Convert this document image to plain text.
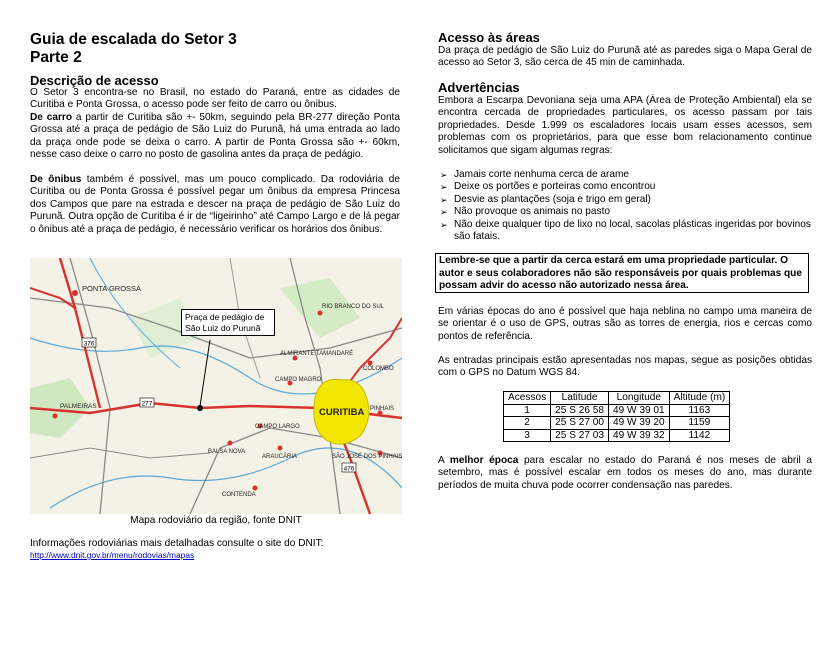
Guia de escalada do Setor 3
Parte 2
Descrição de acesso

O Setor 3 encontra-se no Brasil, no estado do Paraná, entre as cidades de Curitiba e Ponta Grossa, o acesso pode ser feito de carro ou ônibus.

De carro a partir de Curitiba são +- 50km, seguindo pela BR-277 direção Ponta Grossa até a praça de pedágio de São Luiz do Purunã, há uma entrada ao lado da praça onde pode se deixa o carro. A partir de Ponta Grossa são +- 60km, nesse caso deixe o carro no posto de gasolina antes da praça de pedágio.

De ônibus também é possível, mas um pouco complicado. Da rodoviária de Curitiba ou de Ponta Grossa é possível pegar um ônibus da empresa Princesa dos Campos que pare na estrada e descer na praça de pedágio de São Luiz do Purunã. Outra opção de Curitiba é ir de “ligeirinho” até Campo Largo e de lá pegar o ônibus até a praça de pedágio, é necessário verificar os horários dos ônibus.

277
376
476
PONTA GROSSA
CURITIBA
PALMEIRAS
CAMPO LARGO
BALSA NOVA
ARAUCÁRIA
CONTENDA
RIO BRANCO DO SUL
COLOMBO
PINHAIS
ALMIRANTE TAMANDARÉ
CAMPO MAGRO
SÃO JOSÉ DOS PINHAIS
Praça de pedágio de São Luiz do Purunã
Mapa rodoviário da região, fonte DNIT

Informações rodoviárias mais detalhadas consulte o site do DNIT:

http://www.dnit.gov.br/menu/rodovias/mapas
Acesso às áreas

Da praça de pedágio de São Luiz do Purunã até as paredes siga o Mapa Geral de acesso ao Setor 3, são cerca de 45 min de caminhada.

Advertências

Embora a Escarpa Devoniana seja uma APA (Área de Proteção Ambiental) ela se encontra cercada de propriedades particulares, os acesso passam por tais propriedades. Desde 1.999 os escaladores locais usam esses acessos, sem problemas com os proprietários, para que esse bom relacionamento continue solicitamos que sigam algumas regras:

➢ Jamais corte nenhuma cerca de arame
➢ Deixe os portões e porteiras como encontrou
➢ Desvie as plantações (soja e trigo em geral)
➢ Não provoque os animais no pasto
➢ Não deixe qualquer tipo de lixo no local, sacolas plásticas ingeridas por bovinos são fatais.
Lembre-se que a partir da cerca estará em uma propriedade particular. O autor e seus colaboradores não são responsáveis por quais problemas que possam advir do acesso não autorizado nessa área.

Em várias épocas do ano é possível que haja neblina no campo uma maneira de se orientar é o uso de GPS, outras são as torres de energia, rios e cercas como pontos de referência.

As entradas principais estão apresentadas nos mapas, segue as posições obtidas com o GPS no Datum WGS 84.

Acessos	Latitude	Longitude	Altitude (m)
1	25 S 26 58	49 W 39 01	1163
2	25 S 27 00	49 W 39 20	1159
3	25 S 27 03	49 W 39 32	1142

A melhor época para escalar no estado do Paraná é nos meses de abril a setembro, mas é possível escalar em todos os meses do ano, mas durante períodos de muita chuva pode ocorrer condensação nas paredes.
